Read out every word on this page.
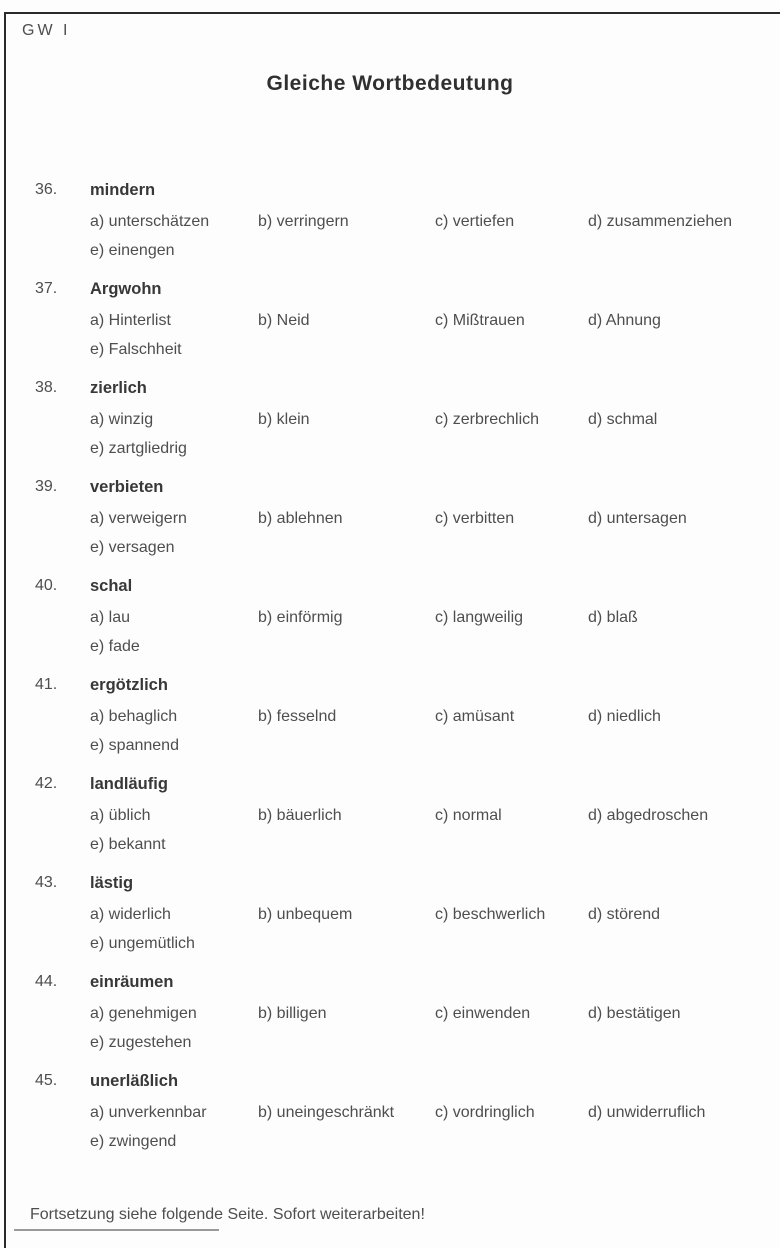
GW I
Gleiche Wortbedeutung
36. mindern
a) unterschätzen	b) verringern	c) vertiefen	d) zusammenziehen
e) einengen
37. Argwohn
a) Hinterlist	b) Neid	c) Mißtrauen	d) Ahnung
e) Falschheit
38. zierlich
a) winzig	b) klein	c) zerbrechlich	d) schmal
e) zartgliedrig
39. verbieten
a) verweigern	b) ablehnen	c) verbitten	d) untersagen
e) versagen
40. schal
a) lau	b) einförmig	c) langweilig	d) blaß
e) fade
41. ergötzlich
a) behaglich	b) fesselnd	c) amüsant	d) niedlich
e) spannend
42. landläufig
a) üblich	b) bäuerlich	c) normal	d) abgedroschen
e) bekannt
43. lästig
a) widerlich	b) unbequem	c) beschwerlich	d) störend
e) ungemütlich
44. einräumen
a) genehmigen	b) billigen	c) einwenden	d) bestätigen
e) zugestehen
45. unerläßlich
a) unverkennbar	b) uneingeschränkt	c) vordringlich	d) unwiderruflich
e) zwingend
Fortsetzung siehe folgende Seite. Sofort weiterarbeiten!
